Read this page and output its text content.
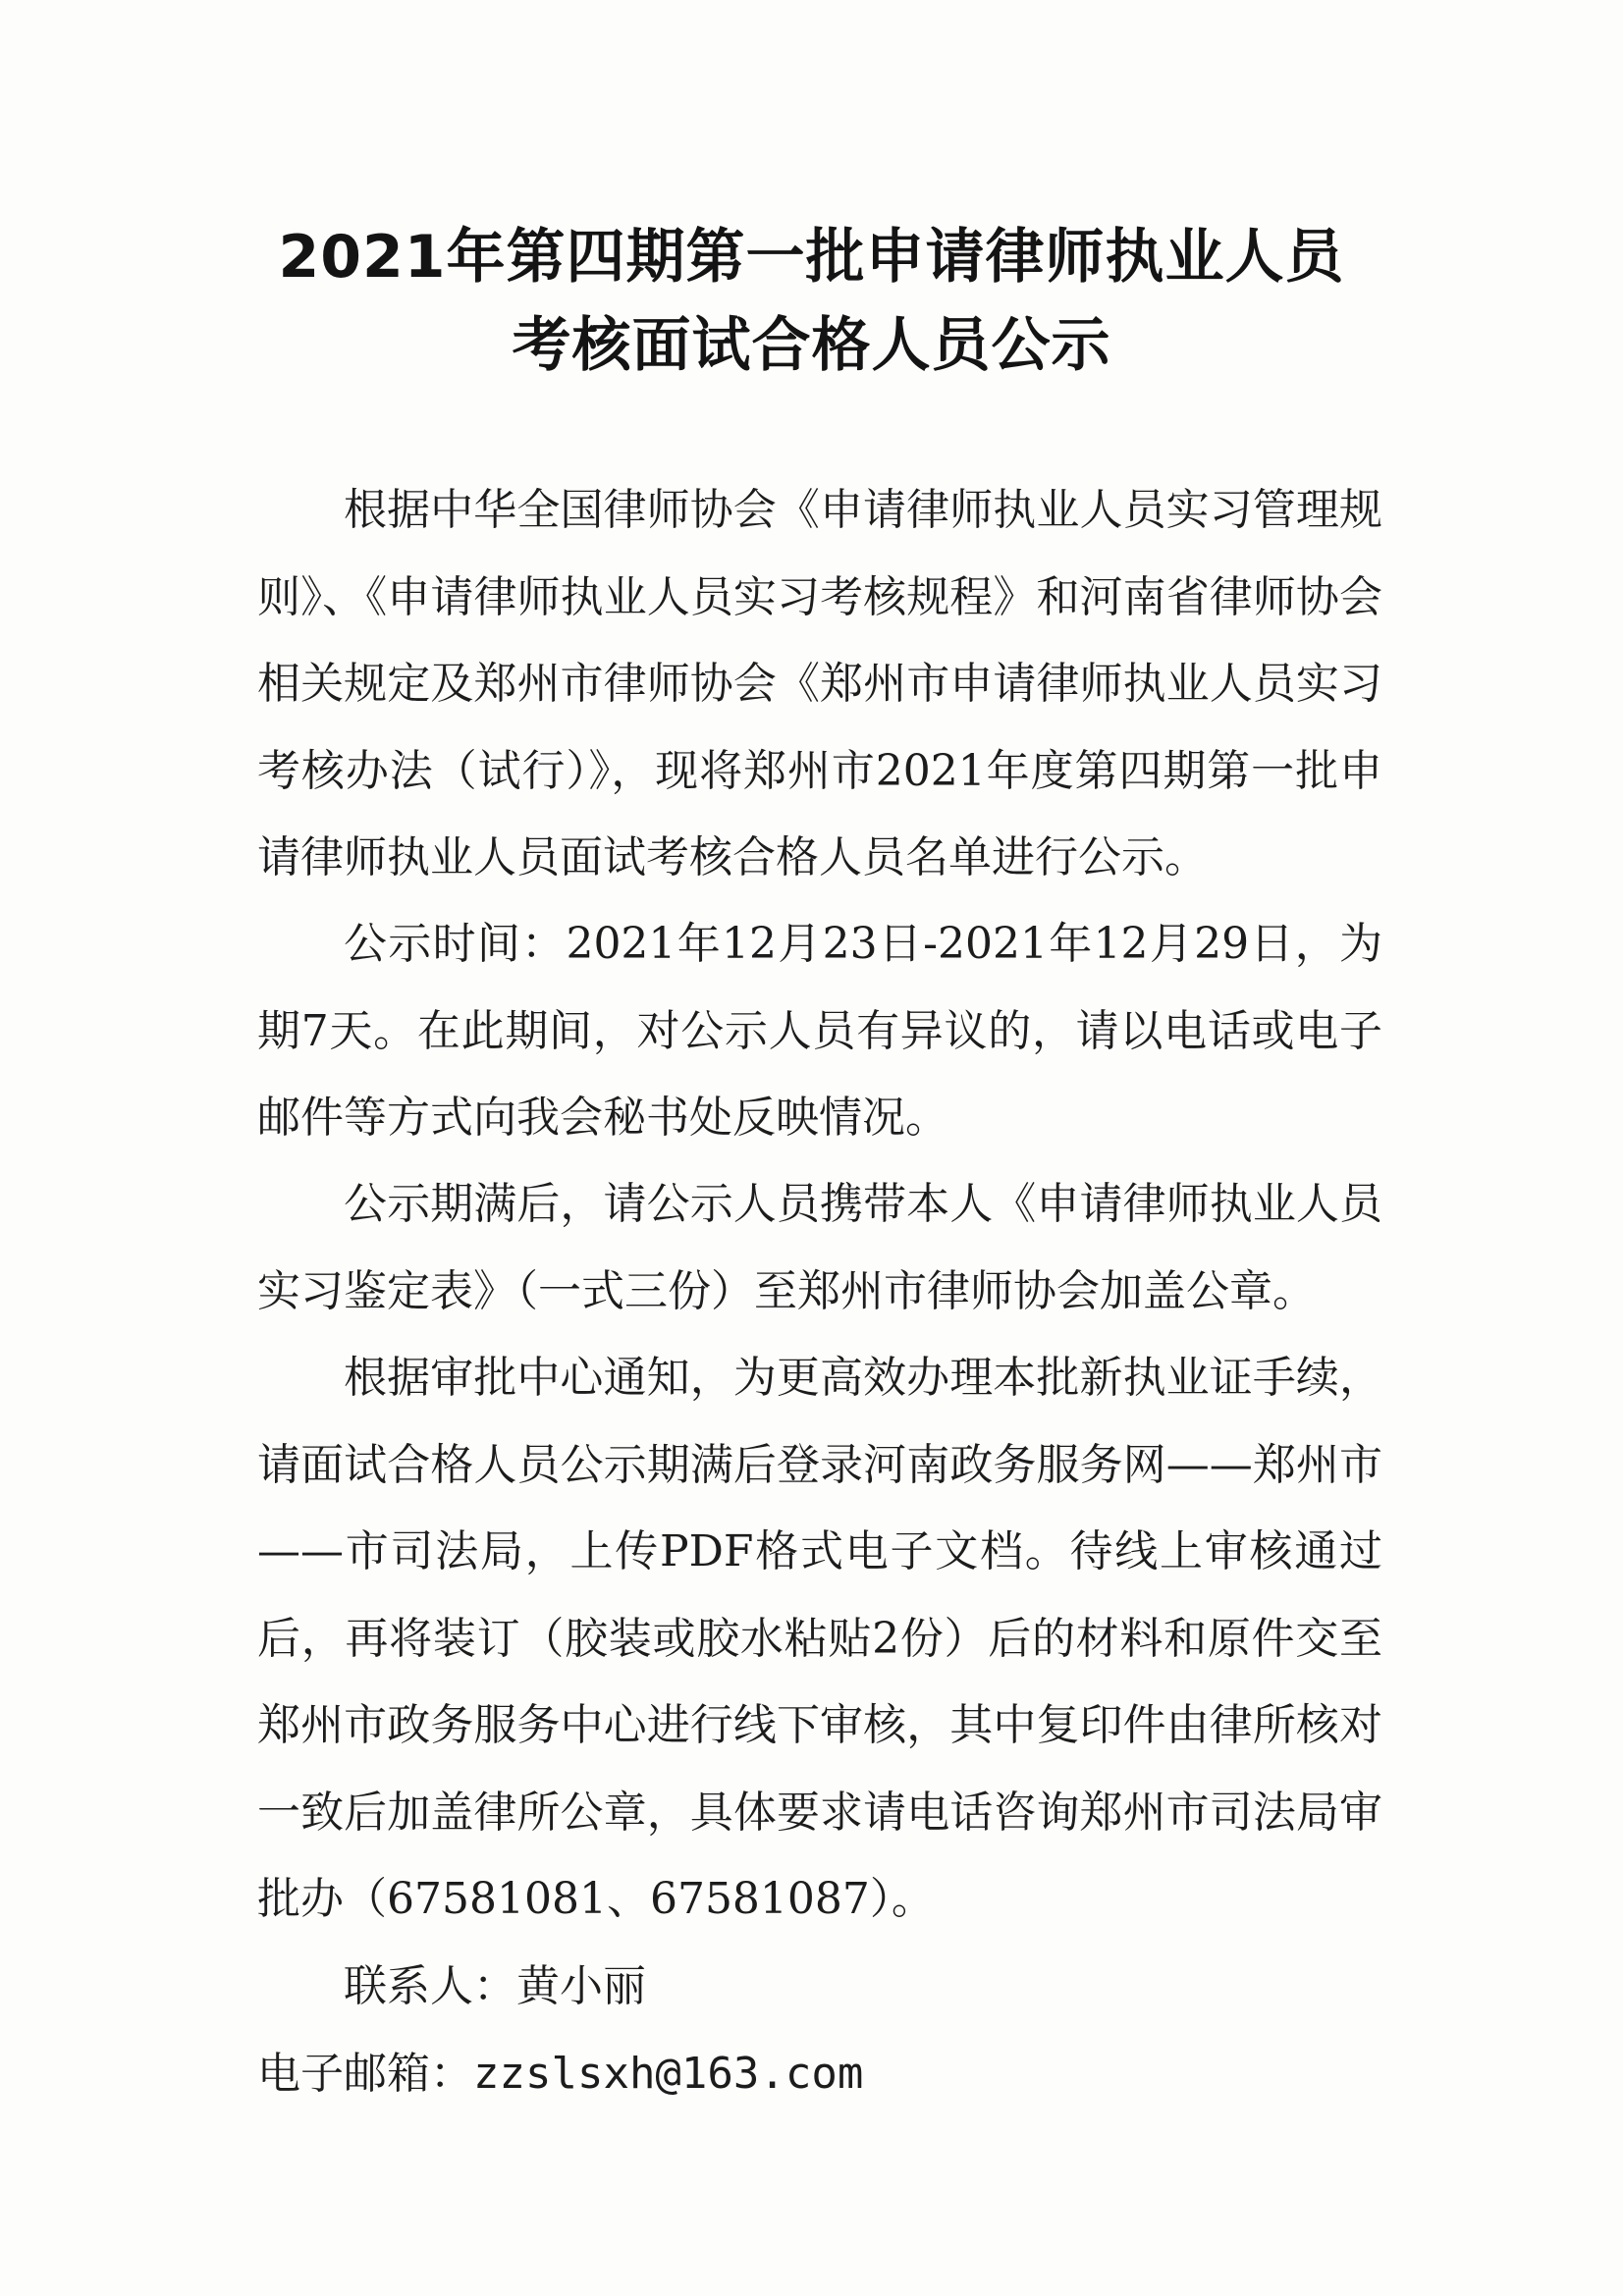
2021年第四期第一批申请律师执业人员
考核面试合格人员公示

根据中华全国律师协会《申请律师执业人员实习管理规则》、《申请律师执业人员实习考核规程》和河南省律师协会相关规定及郑州市律师协会《郑州市申请律师执业人员实习考核办法（试行）》，现将郑州市2021年度第四期第一批申请律师执业人员面试考核合格人员名单进行公示。

公示时间：2021年12月23日-2021年12月29日，为期7天。在此期间，对公示人员有异议的，请以电话或电子邮件等方式向我会秘书处反映情况。

公示期满后，请公示人员携带本人《申请律师执业人员实习鉴定表》（一式三份）至郑州市律师协会加盖公章。

根据审批中心通知，为更高效办理本批新执业证手续，请面试合格人员公示期满后登录河南政务服务网——郑州市——市司法局，上传PDF格式电子文档。待线上审核通过后，再将装订（胶装或胶水粘贴2份）后的材料和原件交至郑州市政务服务中心进行线下审核，其中复印件由律所核对一致后加盖律所公章，具体要求请电话咨询郑州市司法局审批办（67581081、67581087）。

联系人：黄小丽
电子邮箱：zzslsxh@163.com
